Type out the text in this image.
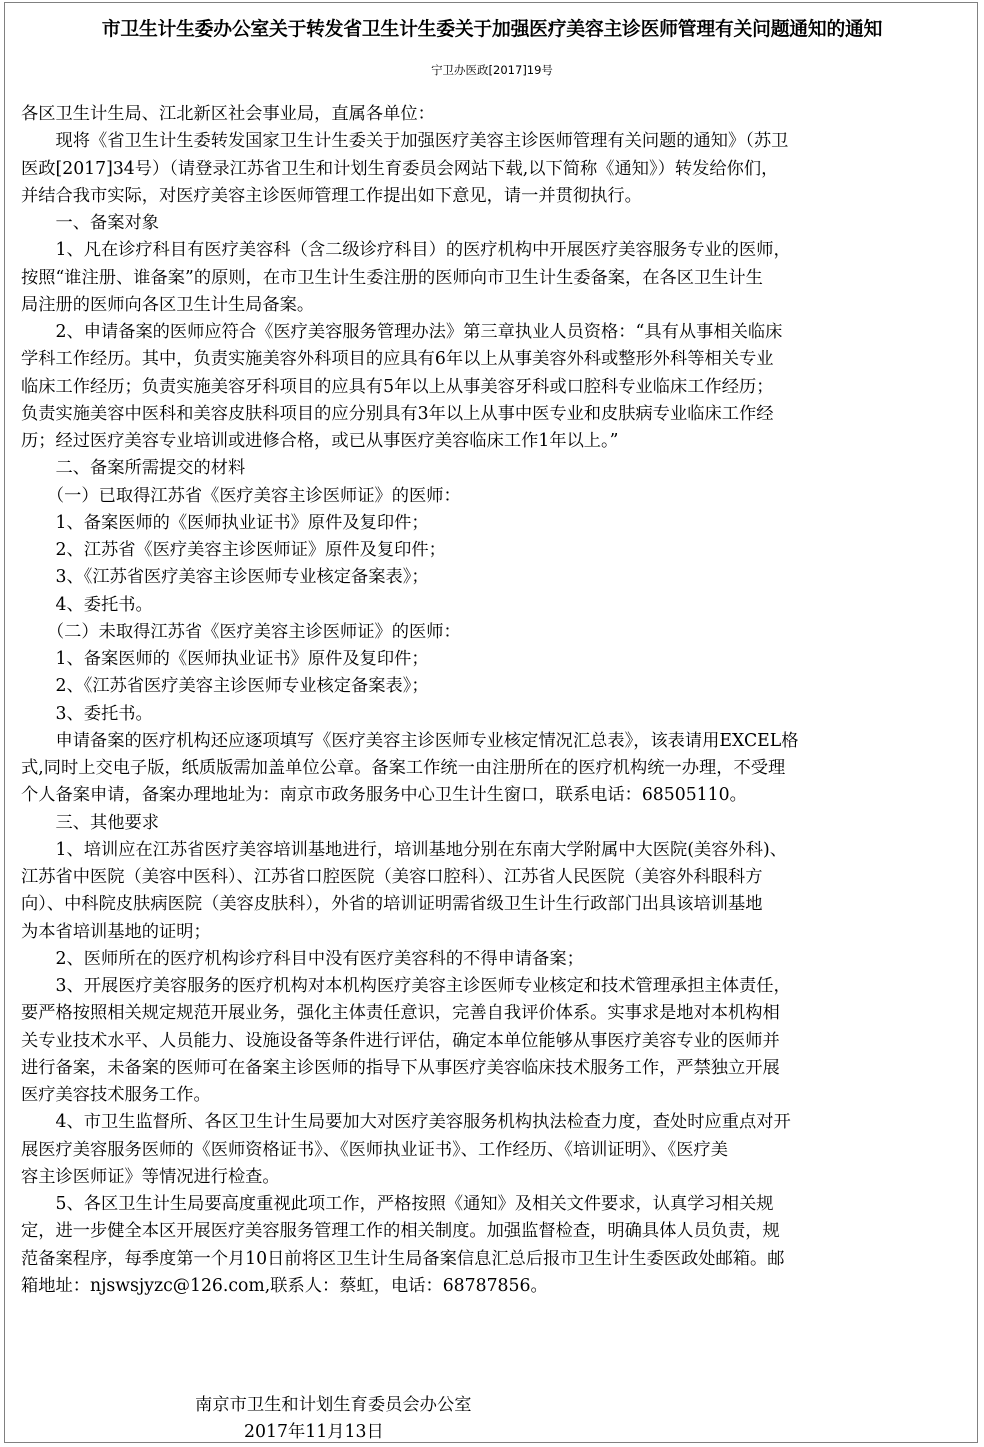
市卫生计生委办公室关于转发省卫生计生委关于加强医疗美容主诊医师管理有关问题通知的通知
宁卫办医政[2017]19号
各区卫生计生局、江北新区社会事业局，直属各单位：
　　现将《省卫生计生委转发国家卫生计生委关于加强医疗美容主诊医师管理有关问题的通知》（苏卫
医政[2017]34号）（请登录江苏省卫生和计划生育委员会网站下载,以下简称《通知》）转发给你们，
并结合我市实际，对医疗美容主诊医师管理工作提出如下意见，请一并贯彻执行。
　　一、备案对象
　　1、凡在诊疗科目有医疗美容科（含二级诊疗科目）的医疗机构中开展医疗美容服务专业的医师，
按照“谁注册、谁备案”的原则，在市卫生计生委注册的医师向市卫生计生委备案，在各区卫生计生
局注册的医师向各区卫生计生局备案。
　　2、申请备案的医师应符合《医疗美容服务管理办法》第三章执业人员资格：“具有从事相关临床
学科工作经历。其中，负责实施美容外科项目的应具有6年以上从事美容外科或整形外科等相关专业
临床工作经历；负责实施美容牙科项目的应具有5年以上从事美容牙科或口腔科专业临床工作经历；
负责实施美容中医科和美容皮肤科项目的应分别具有3年以上从事中医专业和皮肤病专业临床工作经
历；经过医疗美容专业培训或进修合格，或已从事医疗美容临床工作1年以上。”
　　二、备案所需提交的材料
　　（一）已取得江苏省《医疗美容主诊医师证》的医师：
　　1、备案医师的《医师执业证书》原件及复印件；
　　2、江苏省《医疗美容主诊医师证》原件及复印件；
　　3、《江苏省医疗美容主诊医师专业核定备案表》；
　　4、委托书。
　　（二）未取得江苏省《医疗美容主诊医师证》的医师：
　　1、备案医师的《医师执业证书》原件及复印件；
　　2、《江苏省医疗美容主诊医师专业核定备案表》；
　　3、委托书。
　　申请备案的医疗机构还应逐项填写《医疗美容主诊医师专业核定情况汇总表》，该表请用EXCEL格
式,同时上交电子版，纸质版需加盖单位公章。备案工作统一由注册所在的医疗机构统一办理，不受理
个人备案申请，备案办理地址为：南京市政务服务中心卫生计生窗口，联系电话：68505110。
　　三、其他要求
　　1、培训应在江苏省医疗美容培训基地进行，培训基地分别在东南大学附属中大医院(美容外科)、
江苏省中医院（美容中医科）、江苏省口腔医院（美容口腔科）、江苏省人民医院（美容外科眼科方
向）、中科院皮肤病医院（美容皮肤科），外省的培训证明需省级卫生计生行政部门出具该培训基地
为本省培训基地的证明；
　　2、医师所在的医疗机构诊疗科目中没有医疗美容科的不得申请备案；
　　3、开展医疗美容服务的医疗机构对本机构医疗美容主诊医师专业核定和技术管理承担主体责任，
要严格按照相关规定规范开展业务，强化主体责任意识，完善自我评价体系。实事求是地对本机构相
关专业技术水平、人员能力、设施设备等条件进行评估，确定本单位能够从事医疗美容专业的医师并
进行备案，未备案的医师可在备案主诊医师的指导下从事医疗美容临床技术服务工作，严禁独立开展
医疗美容技术服务工作。
　　4、市卫生监督所、各区卫生计生局要加大对医疗美容服务机构执法检查力度，查处时应重点对开
展医疗美容服务医师的《医师资格证书》、《医师执业证书》、工作经历、《培训证明》、《医疗美
容主诊医师证》等情况进行检查。
　　5、各区卫生计生局要高度重视此项工作，严格按照《通知》及相关文件要求，认真学习相关规
定，进一步健全本区开展医疗美容服务管理工作的相关制度。加强监督检查，明确具体人员负责，规
范备案程序，每季度第一个月10日前将区卫生计生局备案信息汇总后报市卫生计生委医政处邮箱。邮
箱地址：njswsjyzc@126.com,联系人：蔡虹，电话：68787856。
南京市卫生和计划生育委员会办公室
2017年11月13日
